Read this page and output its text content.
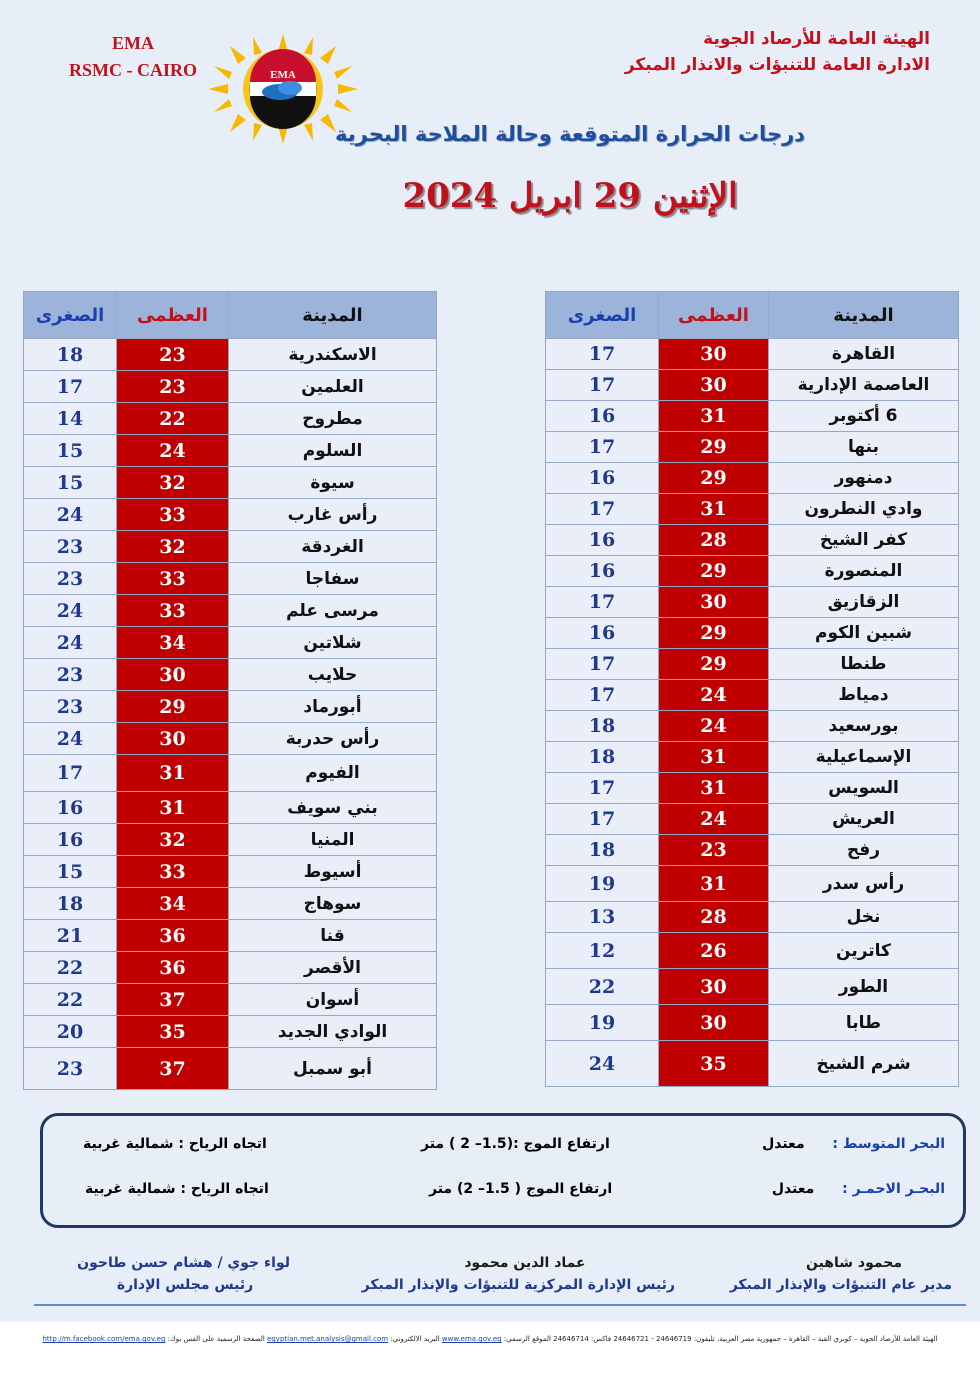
EMA
RSMC - CAIRO	EMA
الهيئة العامة للأرصاد الجوية
الادارة العامة للتنبؤات والانذار المبكر
درجات الحرارة المتوقعة وحالة الملاحة البحرية
الإثنين 29 ابريل 2024
المدينة	العظمى	الصغرى
القاهرة	30	17
العاصمة الإدارية	30	17
6 أكتوبر	31	16
بنها	29	17
دمنهور	29	16
وادي النطرون	31	17
كفر الشيخ	28	16
المنصورة	29	16
الزقازيق	30	17
شبين الكوم	29	16
طنطا	29	17
دمياط	24	17
بورسعيد	24	18
الإسماعيلية	31	18
السويس	31	17
العريش	24	17
رفح	23	18
رأس سدر	31	19
نخل	28	13
كاترين	26	12
الطور	30	22
طابا	30	19
شرم الشيخ	35	24
المدينة	العظمى	الصغرى
الاسكندرية	23	18
العلمين	23	17
مطروح	22	14
السلوم	24	15
سيوة	32	15
رأس غارب	33	24
الغردقة	32	23
سفاجا	33	23
مرسى علم	33	24
شلاتين	34	24
حلايب	30	23
أبورماد	29	23
رأس حدربة	30	24
الفيوم	31	17
بني سويف	31	16
المنيا	32	16
أسيوط	33	15
سوهاج	34	18
قنا	36	21
الأقصر	36	22
أسوان	37	22
الوادي الجديد	35	20
أبو سمبل	37	23
البحر المتوسط :  معتدل
ارتفاع الموج :(1.5– 2 ) متر
اتجاه الرياح : شمالية غربية
البحـر الاحمـر :  معتدل
ارتفاع الموج ( 1.5– 2) متر
اتجاه الرياح : شمالية غربية
محمود شاهين
مدير عام التنبؤات والإنذار المبكر
عماد الدين محمود
رئيس الإدارة المركزية للتنبؤات والإنذار المبكر
لواء جوي / هشام حسن طاحون
رئيس مجلس الإدارة
الهيئة العامة للأرصاد الجوية – كوبري القبة – القاهرة – جمهورية مصر العربية، تليفون: 24646719 - 24646721 فاكس: 24646714 الموقع الرسمي: www.ema.gov.eg البريد الالكتروني: egyptian.met.analysis@gmail.com الصفحة الرسمية على الفس بوك: http://m.facebook.com/ema.gov.eg
